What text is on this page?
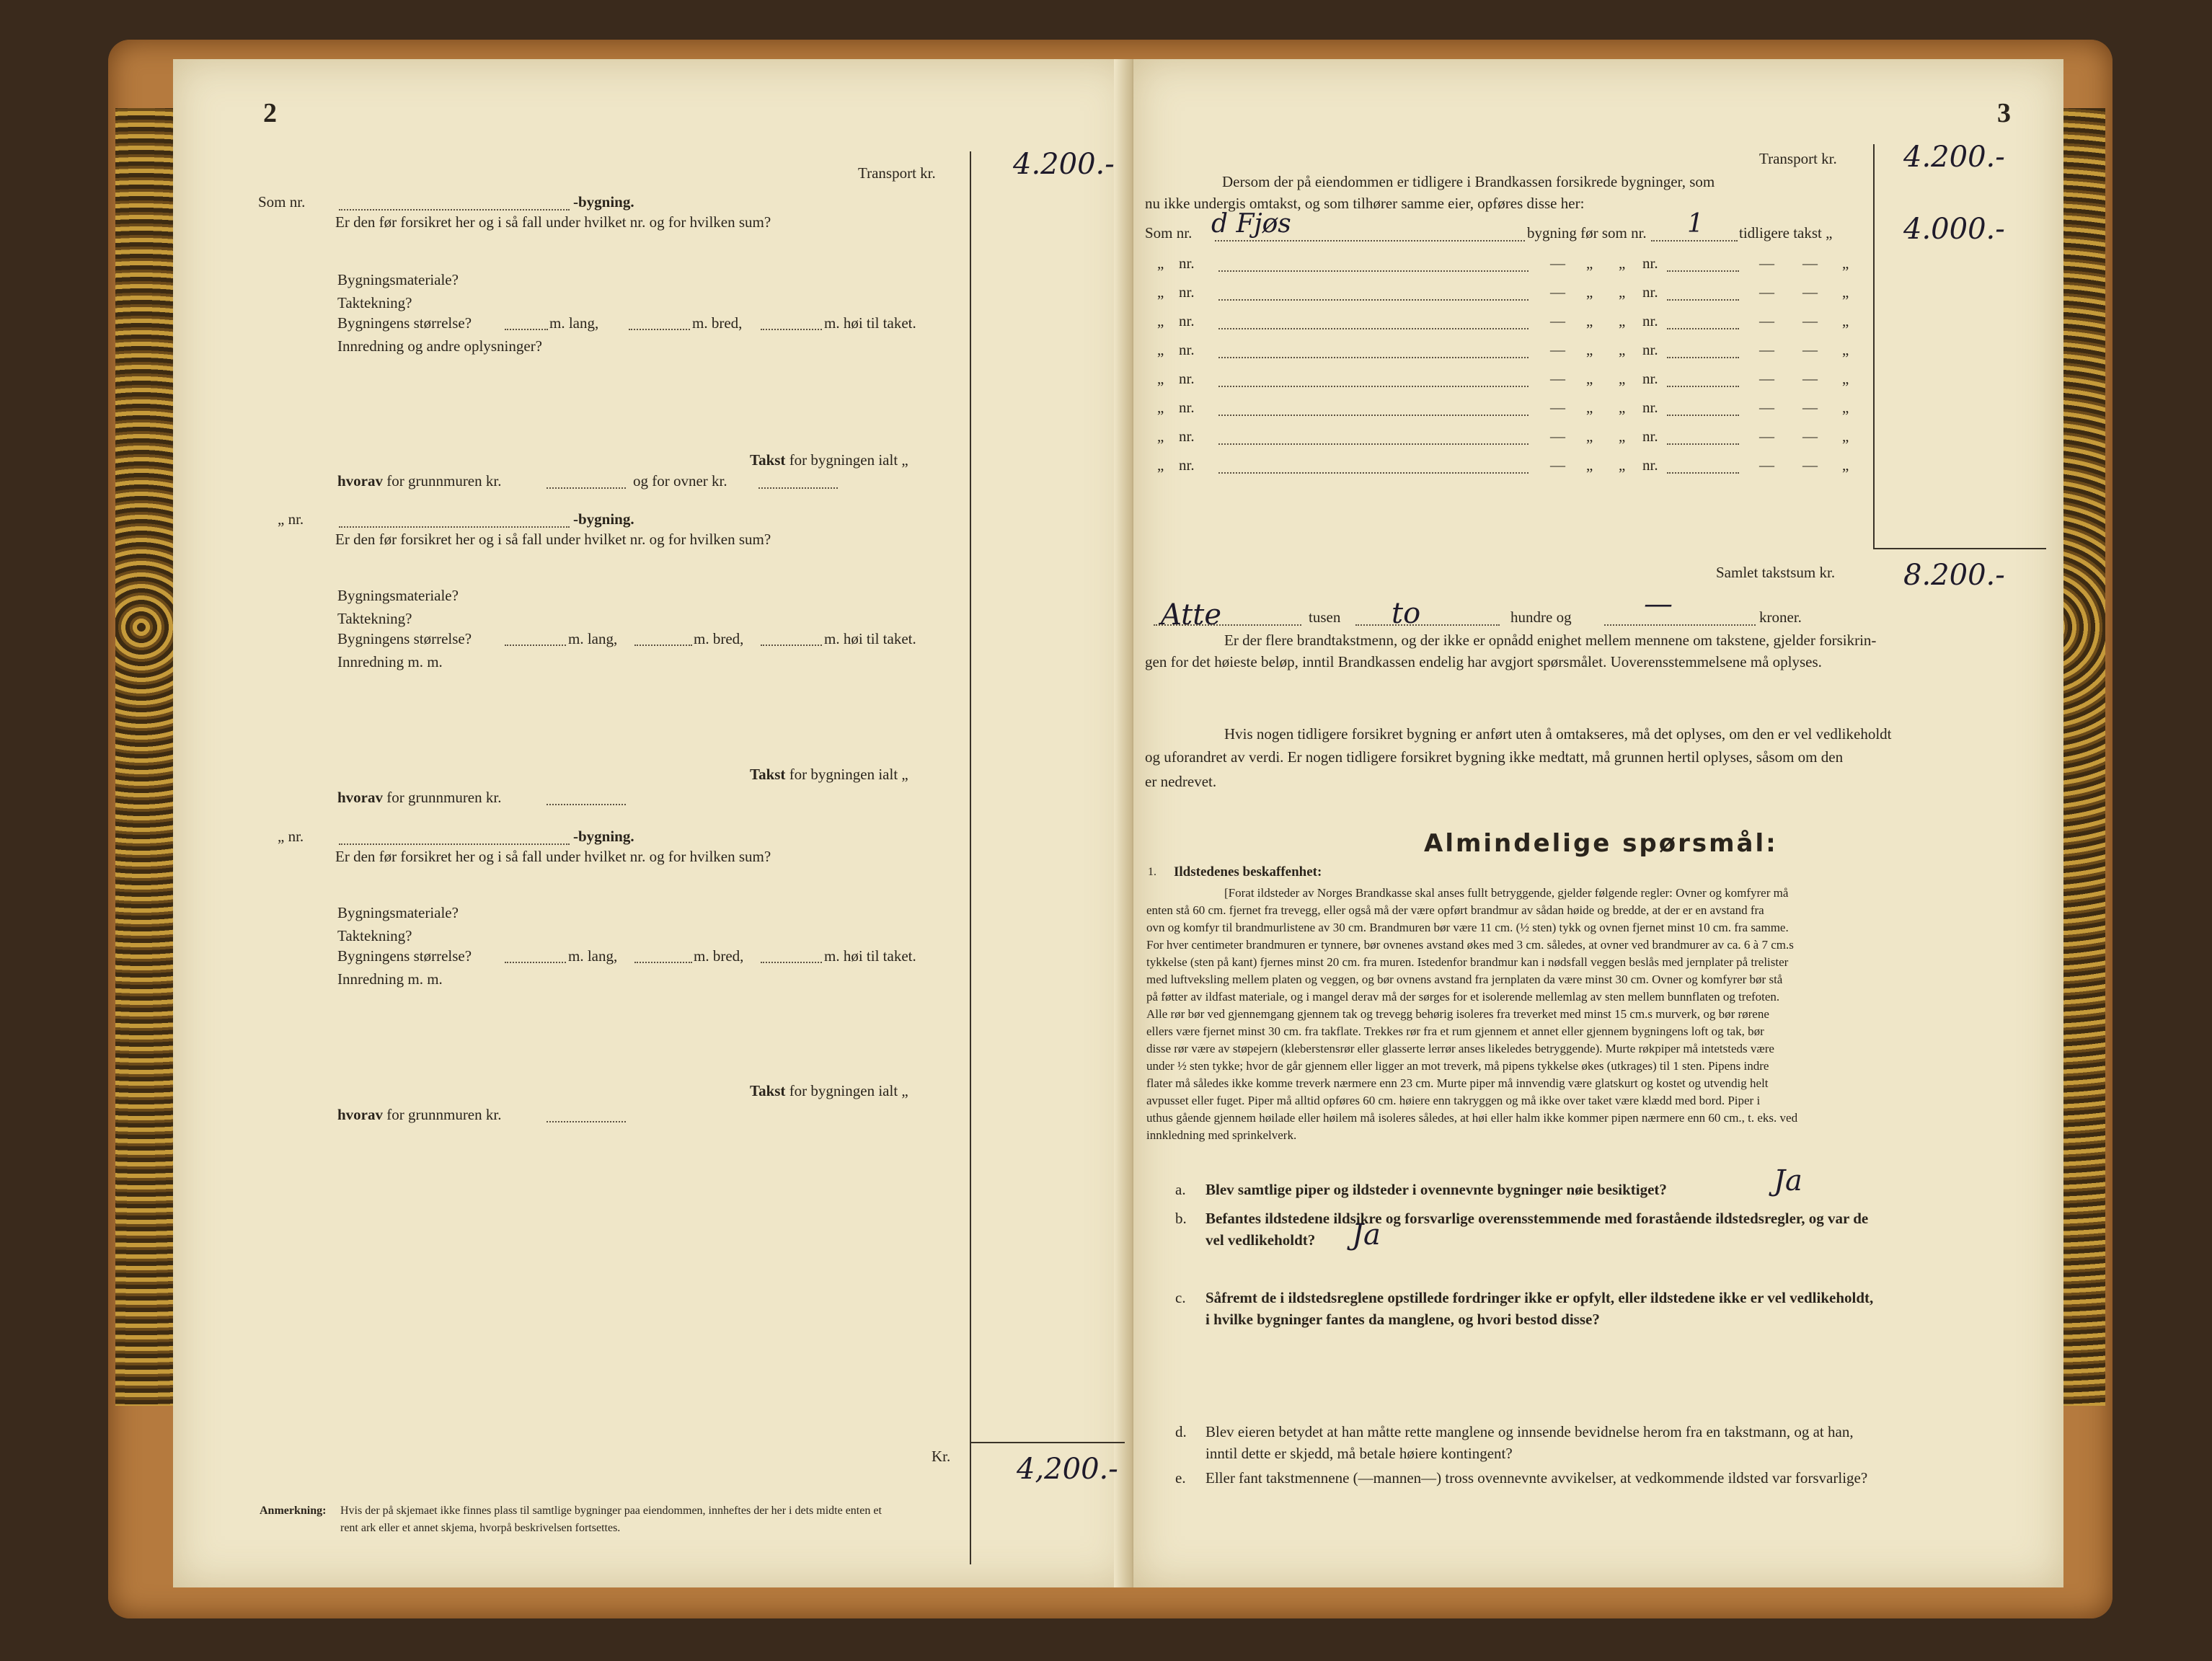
2
Transport kr.	4.200.-
Som nr.	-bygning.
Er den før forsikret her og i så fall under hvilket nr. og for hvilken sum?
Bygningsmateriale?
Taktekning?
Bygningens størrelse?	m. lang,	m. bred,	m. høi til taket.
Innredning og andre oplysninger?
Takst for bygningen ialt „
hvorav for grunnmuren kr.	og for ovner kr.
„ nr.	-bygning.
Er den før forsikret her og i så fall under hvilket nr. og for hvilken sum?
Bygningsmateriale?
Taktekning?
Bygningens størrelse?	m. lang,	m. bred,	m. høi til taket.
Innredning m. m.
Takst for bygningen ialt „
hvorav for grunnmuren kr.
„ nr.	-bygning.
Er den før forsikret her og i så fall under hvilket nr. og for hvilken sum?
Bygningsmateriale?
Taktekning?
Bygningens størrelse?	m. lang,	m. bred,	m. høi til taket.
Innredning m. m.
Takst for bygningen ialt „
hvorav for grunnmuren kr.
Kr. 4,200.-
Anmerkning: Hvis der på skjemaet ikke finnes plass til samtlige bygninger paa eiendommen, innheftes der her i dets midte enten et
rent ark eller et annet skjema, hvorpå beskrivelsen fortsettes.
3
Transport kr. 4.200.-
Dersom der på eiendommen er tidligere i Brandkassen forsikrede bygninger, som
nu ikke undergis omtakst, og som tilhører samme eier, opføres disse her:
Som nr. d Fjøs	bygning før som nr. 1 tidligere takst „ 4.000.-
„ nr.	— „ „ nr.	— — „
„ nr.	— „ „ nr.	— — „
„ nr.	— „ „ nr.	— — „
„ nr.	— „ „ nr.	— — „
„ nr.	— „ „ nr.	— — „
„ nr.	— „ „ nr.	— — „
„ nr.	— „ „ nr.	— — „
„ nr.	— „ „ nr.	— — „
Samlet takstsum kr. 8.200.-
Atte	tusen to	hundre og	—	kroner.
Er der flere brandtakstmenn, og der ikke er opnådd enighet mellem mennene om takstene, gjelder forsikrin-
gen for det høieste beløp, inntil Brandkassen endelig har avgjort spørsmålet. Uoverensstemmelsene må oplyses.
Hvis nogen tidligere forsikret bygning er anført uten å omtakseres, må det oplyses, om den er vel vedlikeholdt
og uforandret av verdi. Er nogen tidligere forsikret bygning ikke medtatt, må grunnen hertil oplyses, såsom om den
er nedrevet.
Almindelige spørsmål:
1. Ildstedenes beskaffenhet:
[Forat ildsteder av Norges Brandkasse skal anses fullt betryggende, gjelder følgende regler: Ovner og komfyrer må
enten stå 60 cm. fjernet fra trevegg, eller også må der være opført brandmur av sådan høide og bredde, at der er en avstand fra
ovn og komfyr til brandmurlistene av 30 cm. Brandmuren bør være 11 cm. (½ sten) tykk og ovnen fjernet minst 10 cm. fra samme.
For hver centimeter brandmuren er tynnere, bør ovnenes avstand økes med 3 cm. således, at ovner ved brandmurer av ca. 6 à 7 cm.s
tykkelse (sten på kant) fjernes minst 20 cm. fra muren. Istedenfor brandmur kan i nødsfall veggen beslås med jernplater på trelister
med luftveksling mellem platen og veggen, og bør ovnens avstand fra jernplaten da være minst 30 cm. Ovner og komfyrer bør stå
på føtter av ildfast materiale, og i mangel derav må der sørges for et isolerende mellemlag av sten mellem bunnflaten og trefoten.
Alle rør bør ved gjennemgang gjennem tak og trevegg behørig isoleres fra treverket med minst 15 cm.s murverk, og bør rørene
ellers være fjernet minst 30 cm. fra takflate. Trekkes rør fra et rum gjennem et annet eller gjennem bygningens loft og tak, bør
disse rør være av støpejern (kleberstensrør eller glasserte lerrør anses likeledes betryggende). Murte røkpiper må intetsteds være
under ½ sten tykke; hvor de går gjennem eller ligger an mot treverk, må pipens tykkelse økes (utkrages) til 1 sten. Pipens indre
flater må således ikke komme treverk nærmere enn 23 cm. Murte piper må innvendig være glatskurt og kostet og utvendig helt
avpusset eller fuget. Piper må alltid opføres 60 cm. høiere enn takryggen og må ikke over taket være klædd med bord. Piper i
uthus gående gjennem høilade eller høilem må isoleres således, at høi eller halm ikke kommer pipen nærmere enn 60 cm., t. eks. ved
innkledning med sprinkelverk.
a. Blev samtlige piper og ildsteder i ovennevnte bygninger nøie besiktiget?	Ja
b. Befantes ildstedene ildsikre og forsvarlige overensstemmende med forastående ildstedsregler, og var de
vel vedlikeholdt? Ja
c. Såfremt de i ildstedsreglene opstillede fordringer ikke er opfylt, eller ildstedene ikke er vel vedlikeholdt,
i hvilke bygninger fantes da manglene, og hvori bestod disse?
d. Blev eieren betydet at han måtte rette manglene og innsende bevidnelse herom fra en takstmann, og at han,
inntil dette er skjedd, må betale høiere kontingent?
e. Eller fant takstmennene (—mannen—) tross ovennevnte avvikelser, at vedkommende ildsted var forsvarlige?
